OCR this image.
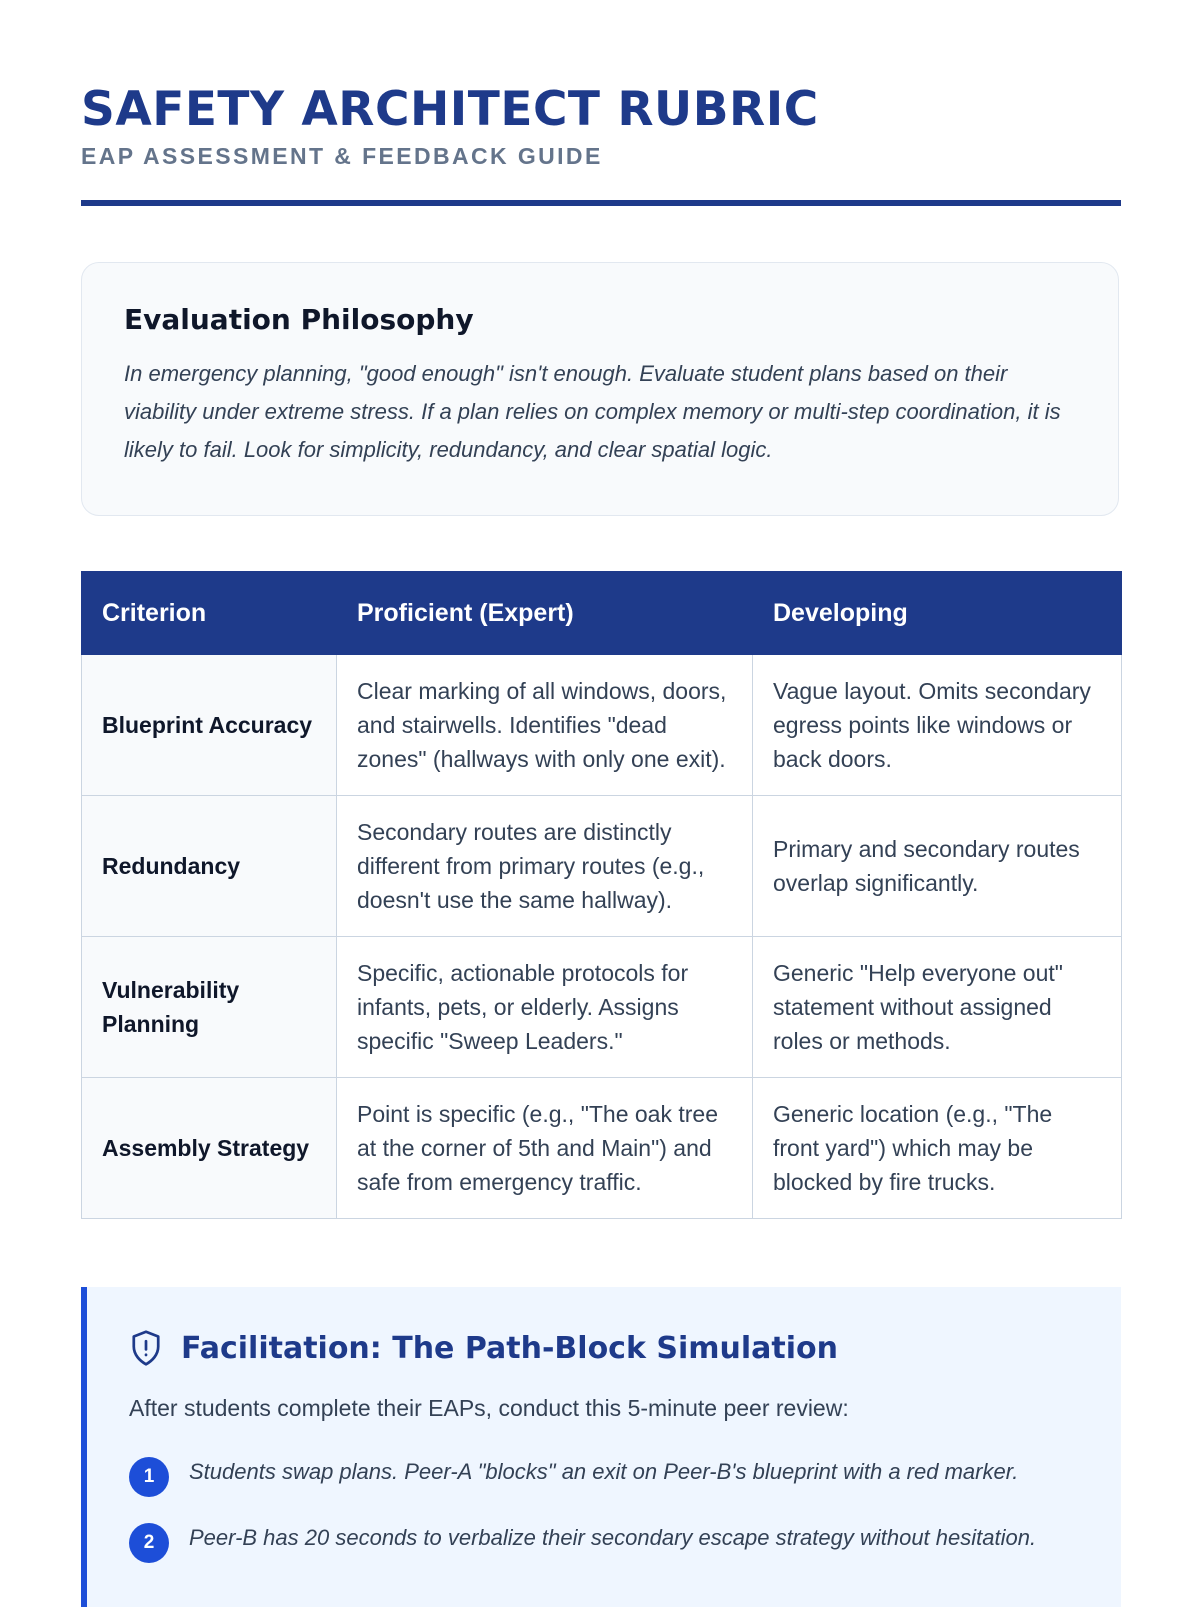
SAFETY ARCHITECT RUBRIC
EAP ASSESSMENT & FEEDBACK GUIDE
Evaluation Philosophy

In emergency planning, "good enough" isn't enough. Evaluate student plans based on their viability under extreme stress. If a plan relies on complex memory or multi-step coordination, it is likely to fail. Look for simplicity, redundancy, and clear spatial logic.

Criterion	Proficient (Expert)	Developing
Blueprint Accuracy	Clear marking of all windows, doors, and stairwells. Identifies "dead zones" (hallways with only one exit).	Vague layout. Omits secondary egress points like windows or back doors.
Redundancy	Secondary routes are distinctly different from primary routes (e.g., doesn't use the same hallway).	Primary and secondary routes overlap significantly.
Vulnerability Planning	Specific, actionable protocols for infants, pets, or elderly. Assigns specific "Sweep Leaders."	Generic "Help everyone out" statement without assigned roles or methods.
Assembly Strategy	Point is specific (e.g., "The oak tree at the corner of 5th and Main") and safe from emergency traffic.	Generic location (e.g., "The front yard") which may be blocked by fire trucks.
Facilitation: The Path-Block Simulation

After students complete their EAPs, conduct this 5-minute peer review:

1	Students swap plans. Peer-A "blocks" an exit on Peer-B's blueprint with a red marker.
2	Peer-B has 20 seconds to verbalize their secondary escape strategy without hesitation.
